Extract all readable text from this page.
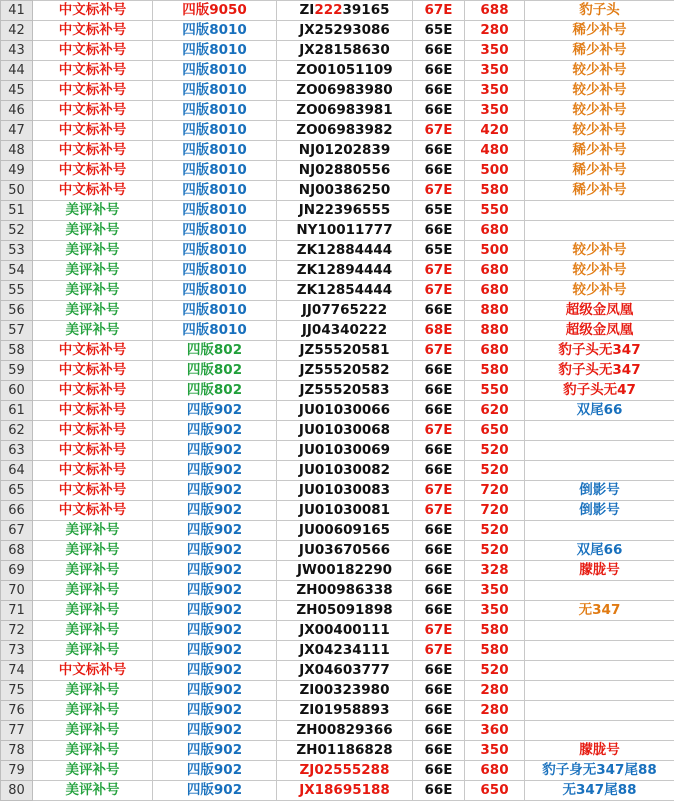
41	中文标补号	四版9050	ZI22239165	67E	688	豹子头
42	中文标补号	四版8010	JX25293086	65E	280	稀少补号
43	中文标补号	四版8010	JX28158630	66E	350	稀少补号
44	中文标补号	四版8010	ZO01051109	66E	350	较少补号
45	中文标补号	四版8010	ZO06983980	66E	350	较少补号
46	中文标补号	四版8010	ZO06983981	66E	350	较少补号
47	中文标补号	四版8010	ZO06983982	67E	420	较少补号
48	中文标补号	四版8010	NJ01202839	66E	480	稀少补号
49	中文标补号	四版8010	NJ02880556	66E	500	稀少补号
50	中文标补号	四版8010	NJ00386250	67E	580	稀少补号
51	美评补号	四版8010	JN22396555	65E	550	
52	美评补号	四版8010	NY10011777	66E	680	
53	美评补号	四版8010	ZK12884444	65E	500	较少补号
54	美评补号	四版8010	ZK12894444	67E	680	较少补号
55	美评补号	四版8010	ZK12854444	67E	680	较少补号
56	美评补号	四版8010	JJ07765222	66E	880	超级金凤凰
57	美评补号	四版8010	JJ04340222	68E	880	超级金凤凰
58	中文标补号	四版802	JZ55520581	67E	680	豹子头无347
59	中文标补号	四版802	JZ55520582	66E	580	豹子头无347
60	中文标补号	四版802	JZ55520583	66E	550	豹子头无47
61	中文标补号	四版902	JU01030066	66E	620	双尾66
62	中文标补号	四版902	JU01030068	67E	650	
63	中文标补号	四版902	JU01030069	66E	520	
64	中文标补号	四版902	JU01030082	66E	520	
65	中文标补号	四版902	JU01030083	67E	720	倒影号
66	中文标补号	四版902	JU01030081	67E	720	倒影号
67	美评补号	四版902	JU00609165	66E	520	
68	美评补号	四版902	JU03670566	66E	520	双尾66
69	美评补号	四版902	JW00182290	66E	328	朦胧号
70	美评补号	四版902	ZH00986338	66E	350	
71	美评补号	四版902	ZH05091898	66E	350	无347
72	美评补号	四版902	JX00400111	67E	580	
73	美评补号	四版902	JX04234111	67E	580	
74	中文标补号	四版902	JX04603777	66E	520	
75	美评补号	四版902	ZI00323980	66E	280	
76	美评补号	四版902	ZI01958893	66E	280	
77	美评补号	四版902	ZH00829366	66E	360	
78	美评补号	四版902	ZH01186828	66E	350	朦胧号
79	美评补号	四版902	ZJ02555288	66E	680	豹子身无347尾88
80	美评补号	四版902	JX18695188	66E	650	无347尾88
